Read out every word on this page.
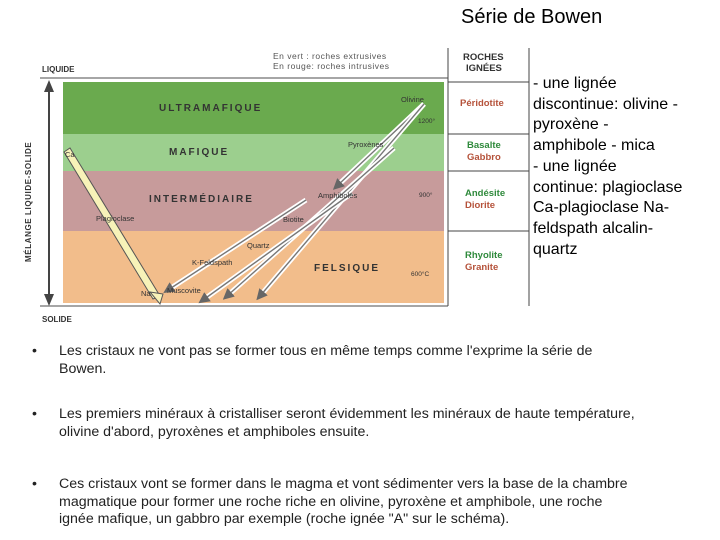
Série de Bowen
LIQUIDE
SOLIDE
MÉLANGE LIQUIDE-SOLIDE
En vert : roches extrusives
En rouge: roches intrusives
ULTRAMAFIQUE
MAFIQUE
INTERMÉDIAIRE
FELSIQUE
1200°
900°
600°C
Olivine
Pyroxènes
Amphiboles
Biotite
Quartz
K-Feldspath
Muscovite
Ca
Plagioclase
Na
ROCHES
IGNÉES
Péridotite
Basalte
Gabbro
Andésite
Diorite
Rhyolite
Granite
- une lignée
discontinue: olivine -
pyroxène -
amphibole - mica
- une lignée
continue: plagioclase
Ca-plagioclase Na-
feldspath alcalin-
quartz
• Les cristaux ne vont pas se former tous en même temps comme l'exprime la série de
Bowen.
• Les premiers minéraux à cristalliser seront évidemment les minéraux de haute température,
olivine d'abord, pyroxènes et amphiboles ensuite.
• Ces cristaux vont se former dans le magma et vont sédimenter vers la base de la chambre
magmatique pour former une roche riche en olivine, pyroxène et amphibole, une roche
ignée mafique, un gabbro par exemple (roche ignée "A" sur le schéma).
